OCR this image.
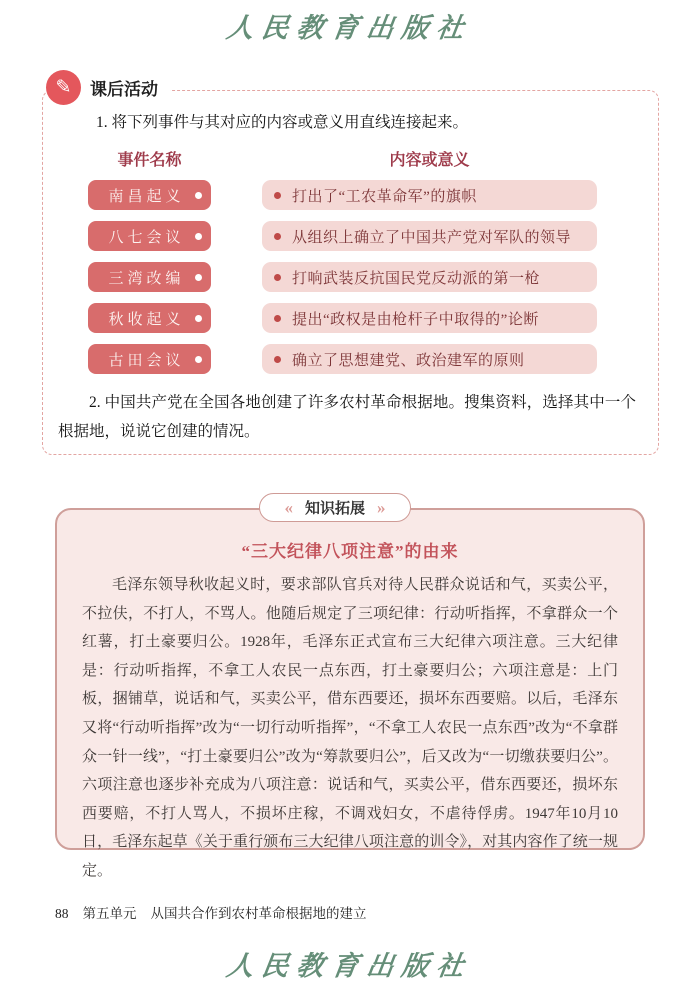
人民教育出版社
✎	课后活动

1. 将下列事件与其对应的内容或意义用直线连接起来。

事件名称	内容或意义
南昌起义	打出了“工农革命军”的旗帜
八七会议	从组织上确立了中国共产党对军队的领导
三湾改编	打响武装反抗国民党反动派的第一枪
秋收起义	提出“政权是由枪杆子中取得的”论断
古田会议	确立了思想建党、政治建军的原则

2. 中国共产党在全国各地创建了许多农村革命根据地。搜集资料，选择其中一个根据地，说说它创建的情况。

« 知识拓展 »
“三大纪律八项注意”的由来

毛泽东领导秋收起义时，要求部队官兵对待人民群众说话和气，买卖公平，不拉伕，不打人，不骂人。他随后规定了三项纪律：行动听指挥，不拿群众一个红薯，打土豪要归公。1928年，毛泽东正式宣布三大纪律六项注意。三大纪律是：行动听指挥，不拿工人农民一点东西，打土豪要归公；六项注意是：上门板，捆铺草，说话和气，买卖公平，借东西要还，损坏东西要赔。以后，毛泽东又将“行动听指挥”改为“一切行动听指挥”，“不拿工人农民一点东西”改为“不拿群众一针一线”，“打土豪要归公”改为“筹款要归公”，后又改为“一切缴获要归公”。六项注意也逐步补充成为八项注意：说话和气，买卖公平，借东西要还，损坏东西要赔，不打人骂人，不损坏庄稼，不调戏妇女，不虐待俘虏。1947年10月10日，毛泽东起草《关于重行颁布三大纪律八项注意的训令》，对其内容作了统一规定。

88 第五单元 从国共合作到农村革命根据地的建立
人民教育出版社
